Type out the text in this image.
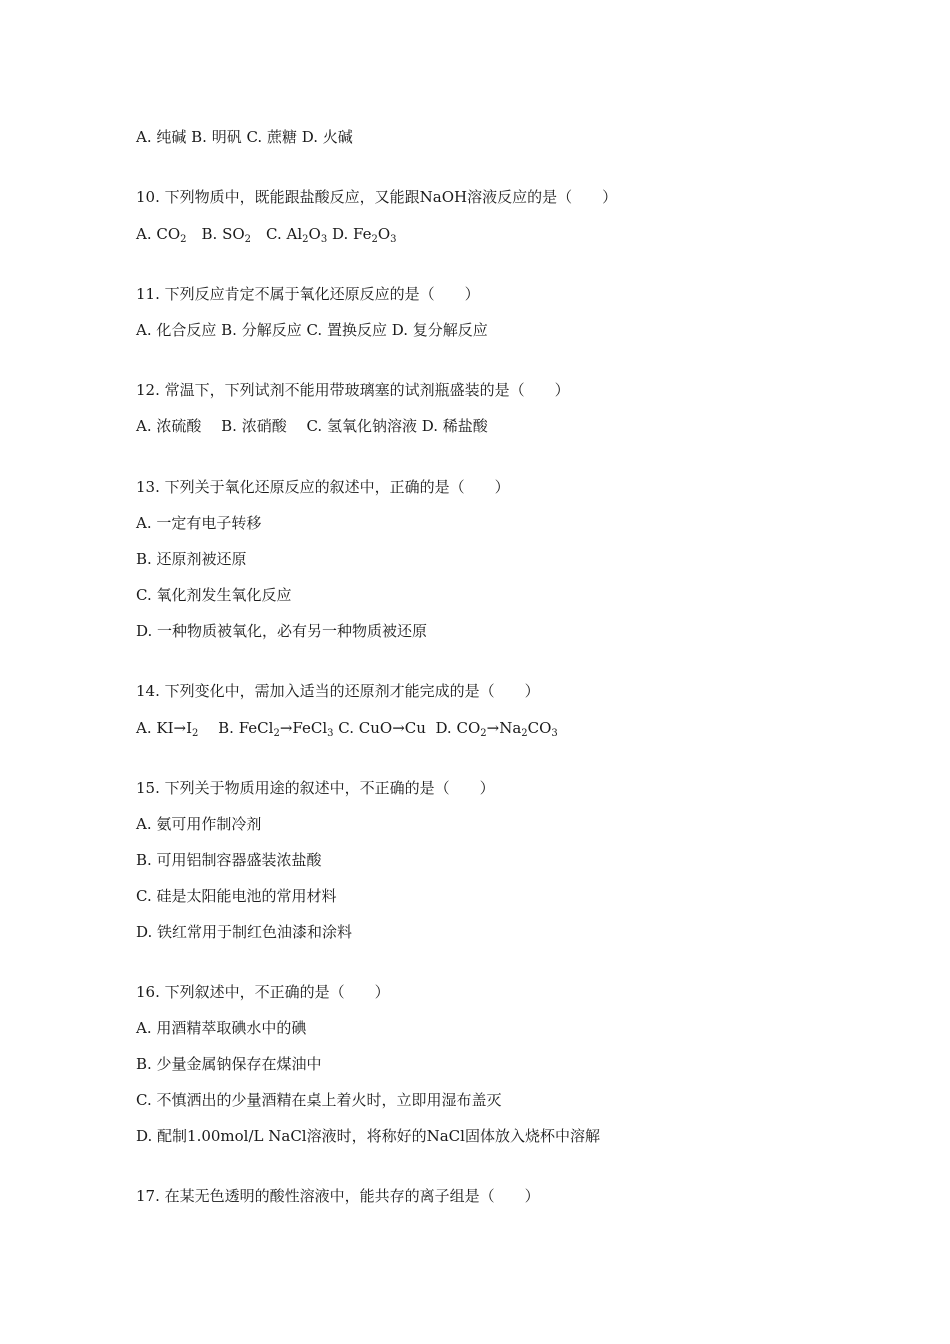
A. 纯碱 B. 明矾 C. 蔗糖 D. 火碱
10. 下列物质中，既能跟盐酸反应，又能跟NaOH溶液反应的是（　　）
A. $CO_2$　B. $SO_2$　C. $Al_2O_3$ D. $Fe_2O_3$
11. 下列反应肯定不属于氧化还原反应的是（　　）
A. 化合反应 B. 分解反应 C. 置换反应 D. 复分解反应
12. 常温下，下列试剂不能用带玻璃塞的试剂瓶盛装的是（　　）
A. 浓硫酸　 B. 浓硝酸　 C. 氢氧化钠溶液 D. 稀盐酸
13. 下列关于氧化还原反应的叙述中，正确的是（　　）
A. 一定有电子转移
B. 还原剂被还原
C. 氧化剂发生氧化反应
D. 一种物质被氧化，必有另一种物质被还原
14. 下列变化中，需加入适当的还原剂才能完成的是（　　）
A. $KI\to I_2$　 B. FeCl$_2$→FeCl$_3$ C. CuO→Cu  D. $CO_2\to Na_2CO_3$
15. 下列关于物质用途的叙述中，不正确的是（　　）
A. 氨可用作制冷剂
B. 可用铝制容器盛装浓盐酸
C. 硅是太阳能电池的常用材料
D. 铁红常用于制红色油漆和涂料
16. 下列叙述中，不正确的是（　　）
A. 用酒精萃取碘水中的碘
B. 少量金属钠保存在煤油中
C. 不慎洒出的少量酒精在桌上着火时，立即用湿布盖灭
D. 配制1.00mol/L NaCl溶液时，将称好的NaCl固体放入烧杯中溶解
17. 在某无色透明的酸性溶液中，能共存的离子组是（　　）
